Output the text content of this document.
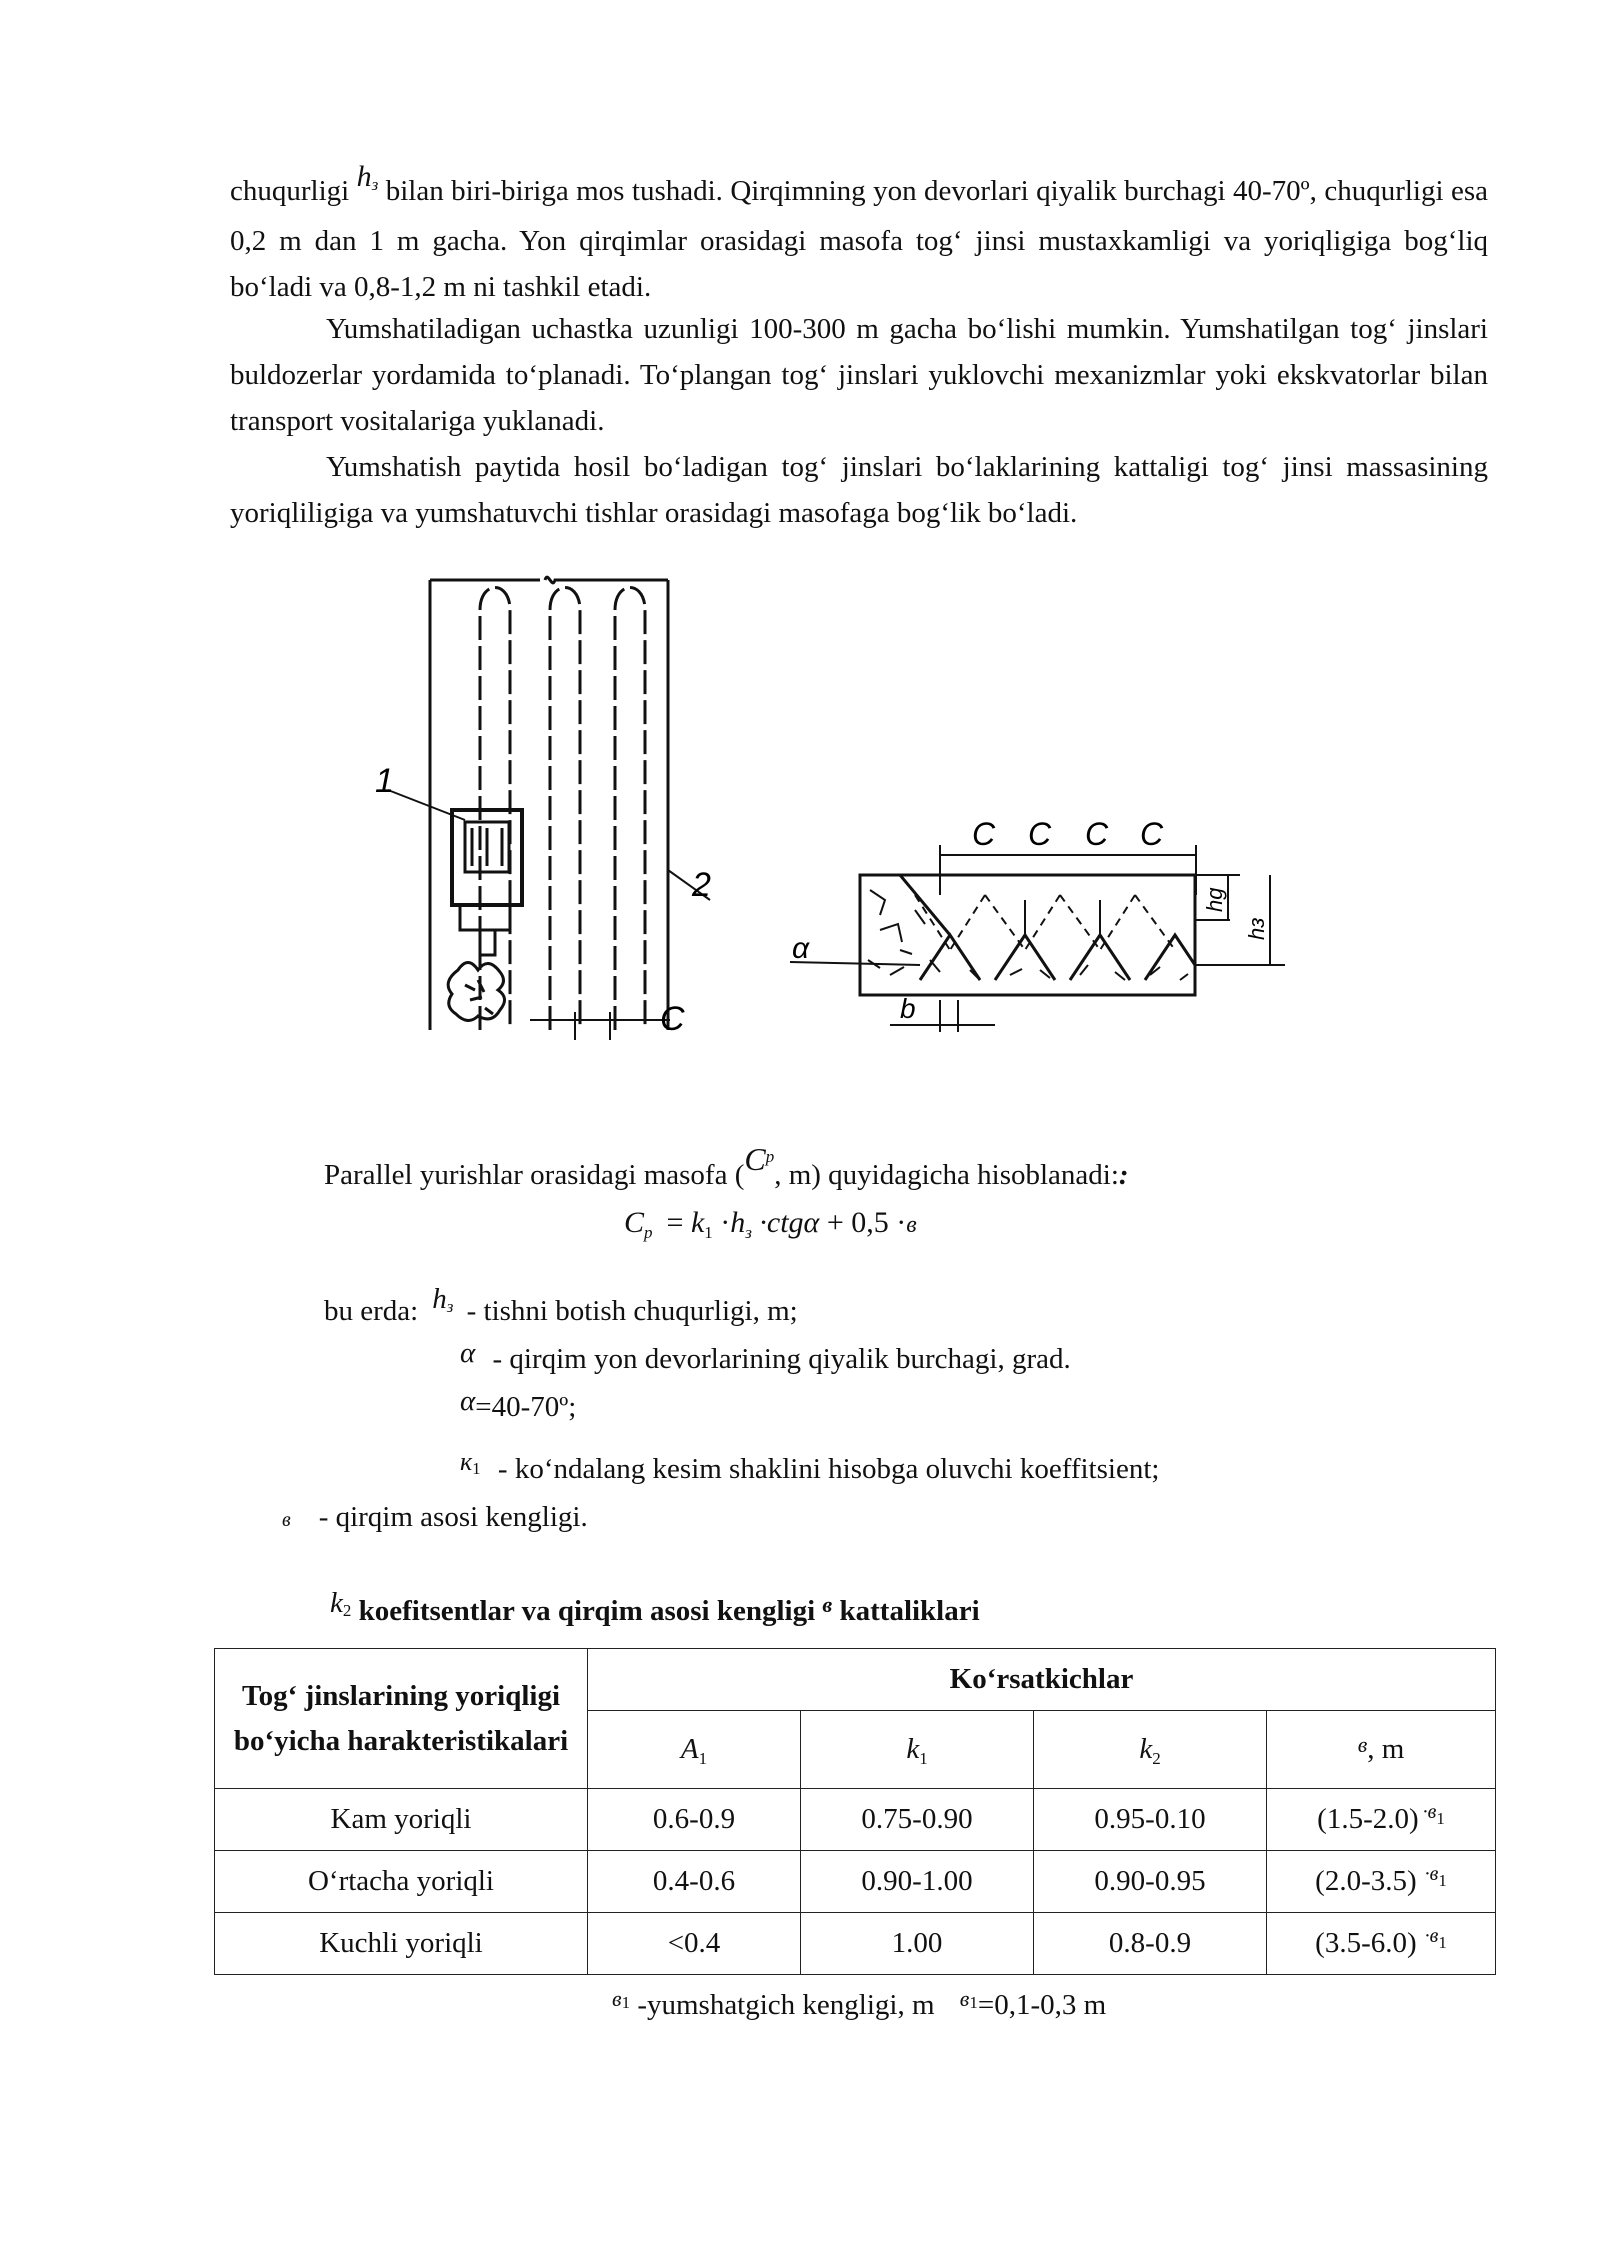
chuqurligi $h^з$ bilan biri-biriga mos tushadi. Qirqimning yon devorlari qiyalik burchagi 40-70º, chuqurligi esa 0,2 m dan 1 m gacha. Yon qirqimlar orasidagi masofa tog‘ jinsi mustaxkamligi va yoriqligiga bog‘liq bo‘ladi va 0,8-1,2 m ni tashkil etadi.

Yumshatiladigan uchastka uzunligi 100-300 m gacha bo‘lishi mumkin. Yumshatilgan tog‘ jinslari buldozerlar yordamida to‘planadi. To‘plangan tog‘ jinslari yuklovchi mexanizmlar yoki ekskvatorlar bilan transport vositalariga yuklanadi.

Yumshatish paytida hosil bo‘ladigan tog‘ jinslari bo‘laklarining kattaligi tog‘ jinsi massasining yoriqliligiga va yumshatuvchi tishlar orasidagi masofaga bog‘lik bo‘ladi.

1
2
C
C C C C
α
b
hg
hз
Parallel yurishlar orasidagi masofa ($C^p$, m) quyidagicha hisoblanadi::
$C_p = k_1 \cdot h_з \cdot ctg\alpha + 0,5 \cdot в$
bu erda: $h^з$ - tishni botish chuqurligi, m;
α - qirqim yon devorlarining qiyalik burchagi, grad.
α=40-70º;
к1 - ko‘ndalang kesim shaklini hisobga oluvchi koeffitsient;
в - qirqim asosi kengligi.
k2 koefitsentlar va qirqim asosi kengligi $^в$ kattaliklari
Tog‘ jinslarining yoriqligi bo‘yicha harakteristikalari	Ko‘rsatkichlar			
	$A_1$	$k_1$	$k_2$	$^в$, m
Kam yoriqli	0.6-0.9	0.75-0.90	0.95-0.10	(1.5-2.0) $^{\cdot в}$1
O‘rtacha yoriqli	0.4-0.6	0.90-1.00	0.90-0.95	(2.0-3.5) $^{\cdot в}$1
Kuchli yoriqli	<0.4	1.00	0.8-0.9	(3.5-6.0) $^{\cdot в}$1
$^{в1}$ -yumshatgich kengligi, m $^{в1}$=0,1-0,3 m
